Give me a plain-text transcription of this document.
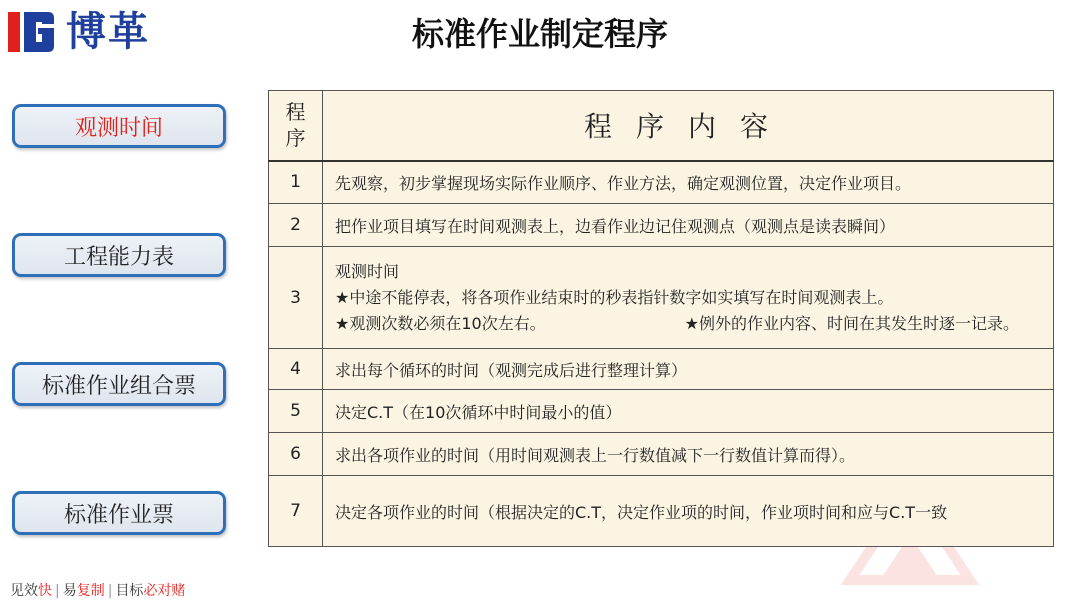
博革	标准作业制定程序
观测时间
工程能力表
标准作业组合票
标准作业票
程
序	程序内容
1	先观察，初步掌握现场实际作业顺序、作业方法，确定观测位置，决定作业项目。
2	把作业项目填写在时间观测表上，边看作业边记住观测点（观测点是读表瞬间）
3	观测时间
★中途不能停表，将各项作业结束时的秒表指针数字如实填写在时间观测表上。
★观测次数必须在10次左右。 ★例外的作业内容、时间在其发生时逐一记录。

4	求出每个循环的时间（观测完成后进行整理计算）
5	决定C.T（在10次循环中时间最小的值）
6	求出各项作业的时间（用时间观测表上一行数值减下一行数值计算而得）。
7	决定各项作业的时间（根据决定的C.T，决定作业项的时间，作业项时间和应与C.T一致
见效快 | 易复制 | 目标必对赌
